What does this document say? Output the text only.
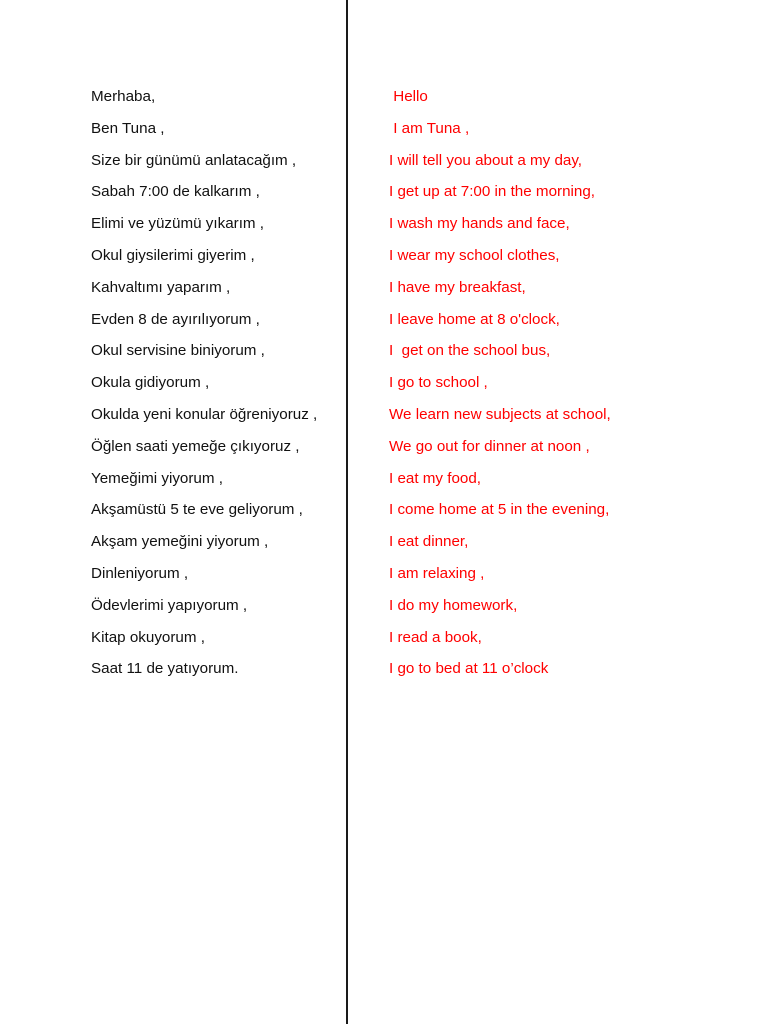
Merhaba,
Ben Tuna ,
Size bir günümü anlatacağım ,
Sabah 7:00 de kalkarım ,
Elimi ve yüzümü yıkarım ,
Okul giysilerimi giyerim ,
Kahvaltımı yaparım ,
Evden 8 de ayırılıyorum ,
Okul servisine biniyorum ,
Okula gidiyorum ,
Okulda yeni konular öğreniyoruz ,
Öğlen saati yemeğe çıkıyoruz ,
Yemeğimi yiyorum ,
Akşamüstü 5 te eve geliyorum ,
Akşam yemeğini yiyorum ,
Dinleniyorum ,
Ödevlerimi yapıyorum ,
Kitap okuyorum ,
Saat 11 de yatıyorum.
Hello
I am Tuna ,
I will tell you about a my day,
I get up at 7:00 in the morning,
I wash my hands and face,
I wear my school clothes,
I have my breakfast,
I leave home at 8 o'clock,
I  get on the school bus,
I go to school ,
We learn new subjects at school,
We go out for dinner at noon ,
I eat my food,
I come home at 5 in the evening,
I eat dinner,
I am relaxing ,
I do my homework,
I read a book,
I go to bed at 11 o’clock
